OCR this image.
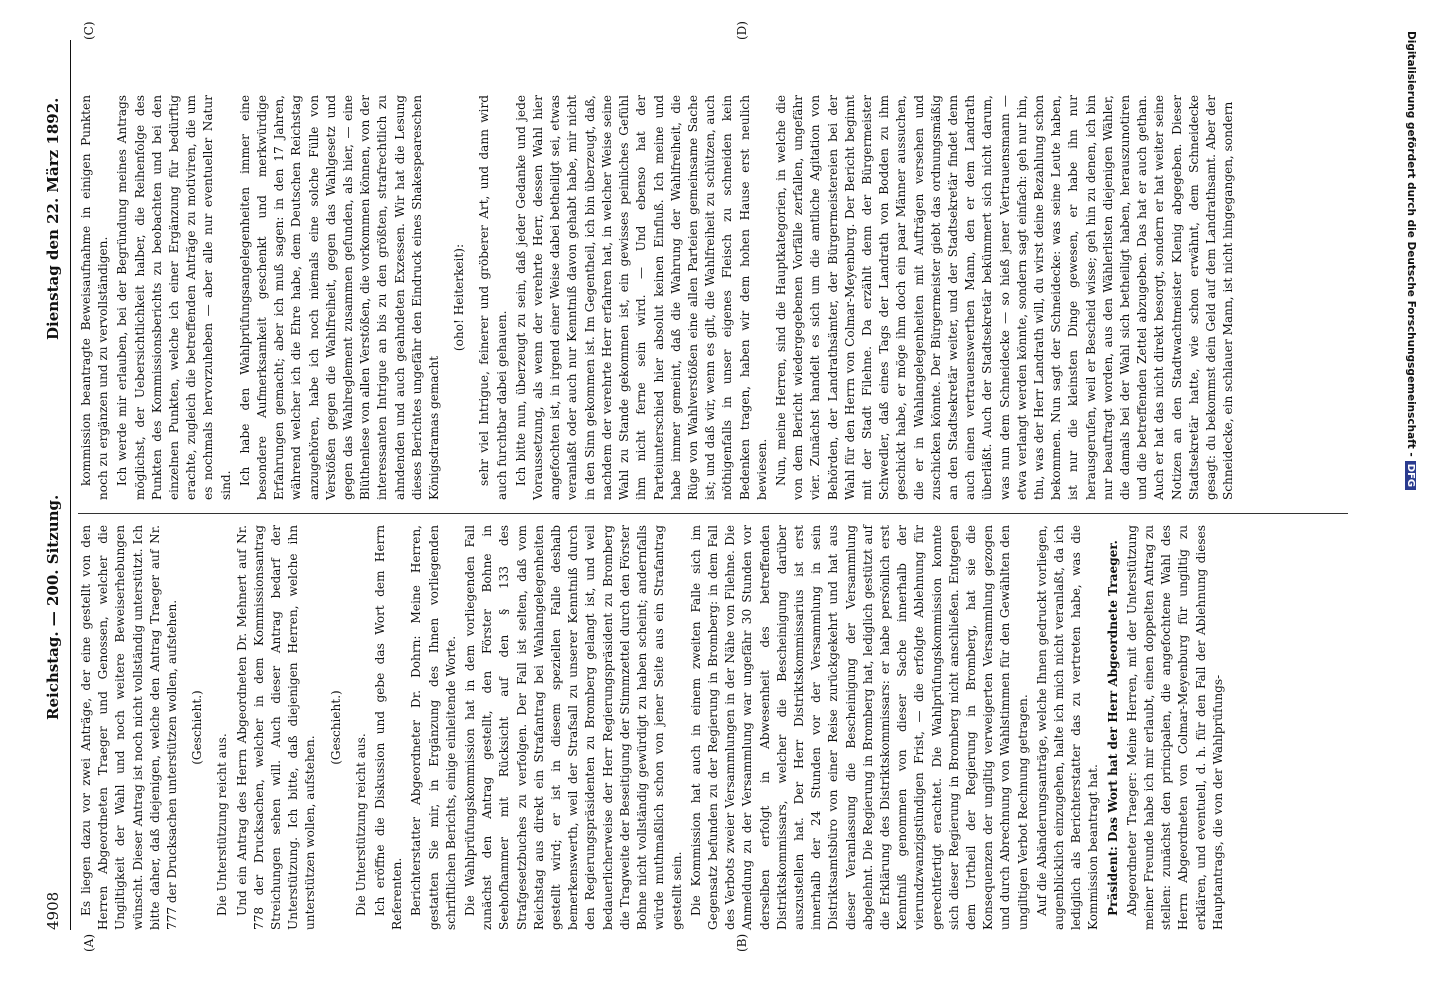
4908
Reichstag. — 200. Sitzung.
Dienstag den 22. März 1892.
(A)	(B)
(C)	(D)

Es liegen dazu vor zwei Anträge, der eine gestellt von den Herren Abgeordneten Traeger und Genossen, welcher die Ungiltigkeit der Wahl und noch weitere Beweiserhebungen wünscht. Dieser Antrag ist noch nicht vollständig unterstützt. Ich bitte daher, daß diejenigen, welche den Antrag Traeger auf Nr. 777 der Drucksachen unterstützen wollen, aufstehen. (Geschieht.)

Die Unterstützung reicht aus. Und ein Antrag des Herrn Abgeordneten Dr. Mehnert auf Nr. 778 der Drucksachen, welcher in dem Kommissionsantrag Streichungen sehen will. Auch dieser Antrag bedarf der Unterstützung. Ich bitte, daß diejenigen Herren, welche ihn unterstützen wollen, aufstehen.

(Geschieht.)

Die Unterstützung reicht aus. Ich eröffne die Diskussion und gebe das Wort dem Herrn Referenten. Berichterstatter Abgeordneter Dr. Dohrn: Meine Herren, gestatten Sie mir, in Ergänzung des Ihnen vorliegenden schriftlichen Berichts, einige einleitende Worte. Die Wahlprüfungskommission hat in dem vorliegenden Fall zunächst den Antrag gestellt, den Förster Bohne in Seehofhammer mit Rücksicht auf den § 133 des Strafgesetzbuches zu verfolgen. Der Fall ist selten, daß vom Reichstag aus direkt ein Strafantrag bei Wahlangelegenheiten gestellt wird; er ist in diesem speziellen Falle deshalb bemerkenswerth, weil der Strafsall zu unserer Kenntniß durch den Regierungspräsidenten zu Bromberg gelangt ist, und weil bedauerlicherweise der Herr Regierungspräsident zu Bromberg die Tragweite der Beseitigung der Stimmzettel durch den Förster Bohne nicht vollständig gewürdigt zu haben scheint; andernfalls würde muthmaßlich schon von jener Seite aus ein Strafantrag gestellt sein. Die Kommission hat auch in einem zweiten Falle sich im Gegensatz befunden zu der Regierung in Bromberg: in dem Fall des Verbots zweier Versammlungen in der Nähe von Filehne. Die Anmeldung zu der Versammlung war ungefähr 30 Stunden vor derselben erfolgt in Abwesenheit des betreffenden Distriktskommissars, welcher die Bescheinigung darüber auszustellen hat. Der Herr Distriktskommissarius ist erst innerhalb der 24 Stunden vor der Versammlung in sein Distriktsamtsbüro von einer Reise zurückgekehrt und hat aus dieser Veranlassung die Bescheinigung der Versammlung abgelehnt. Die Regierung in Bromberg hat, lediglich gestützt auf die Erklärung des Distriktskommissars: er habe persönlich erst Kenntniß genommen von dieser Sache innerhalb der vierundzwanzigstündigen Frist, — die erfolgte Ablehnung für gerechtfertigt erachtet. Die Wahlprüfungskommission konnte sich dieser Regierung in Bromberg nicht anschließen. Entgegen dem Urtheil der Regierung in Bromberg, hat sie die Konsequenzen der ungiltig verweigerten Versammlung gezogen und durch Abrechnung von Wahlstimmen für den Gewählten den ungiltigen Verbot Rechnung getragen. Auf die Abänderungsanträge, welche Ihnen gedruckt vorliegen, augenblicklich einzugehen, halte ich mich nicht veranlaßt, da ich lediglich als Berichterstatter das zu vertreten habe, was die Kommission beantragt hat. Präsident: Das Wort hat der Herr Abgeordnete Traeger. Abgeordneter Traeger: Meine Herren, mit der Unterstützung meiner Freunde habe ich mir erlaubt, einen doppelten Antrag zu stellen: zunächst den principalen, die angefochtene Wahl des Herrn Abgeordneten von Colmar-Meyenburg für ungiltig zu erklären, und eventuell, d. h. für den Fall der Ablehnung dieses Hauptantrags, die von der Wahlprüfungs-

kommission beantragte Beweisaufnahme in einigen Punkten noch zu ergänzen und zu vervollständigen. Ich werde mir erlauben, bei der Begründung meines Antrags möglichst, der Uebersichtlichkeit halber, die Reihenfolge des Punkten des Kommissionsberichts zu beobachten und bei den einzelnen Punkten, welche ich einer Ergänzung für bedürftig erachte, zugleich die betreffenden Anträge zu motiviren, die um es nochmals hervorzuheben — aber alle nur eventueller Natur sind. Ich habe den Wahlprüfungsangelegenheiten immer eine besondere Aufmerksamkeit geschenkt und merkwürdige Erfahrungen gemacht; aber ich muß sagen: in den 17 Jahren, während welcher ich die Ehre habe, dem Deutschen Reichstag anzugehören, habe ich noch niemals eine solche Fülle von Verstößen gegen die Wahlfreiheit, gegen das Wahlgesetz und gegen das Wahlreglement zusammen gefunden, als hier, — eine Blüthenlese von allen Verstößen, die vorkommen können, von der interessanten Intrigue an bis zu den größten, strafrechtlich zu ahndenden und auch geahndeten Exzessen. Wir hat die Lesung dieses Berichtes ungefähr den Eindruck eines Shakespeareschen Königsdramas gemacht

(oho! Heiterkeit): sehr viel Intrigue, feinerer und gröberer Art, und dann wird auch furchtbar dabei gehauen. Ich bitte nun, überzeugt zu sein, daß jeder Gedanke und jede Voraussetzung, als wenn der verehrte Herr, dessen Wahl hier angefochten ist, in irgend einer Weise dabei betheiligt sei, etwas veranlaßt oder auch nur Kenntniß davon gehabt habe, mir nicht in den Sinn gekommen ist. Im Gegentheil, ich bin überzeugt, daß, nachdem der verehrte Herr erfahren hat, in welcher Weise seine Wahl zu Stande gekommen ist, ein gewisses peinliches Gefühl ihm nicht ferne sein wird. — Und ebenso hat der Parteiunterschied hier absolut keinen Einfluß. Ich meine und habe immer gemeint, daß die Wahrung der Wahlfreiheit, die Rüge von Wahlverstößen eine allen Parteien gemeinsame Sache ist; und daß wir, wenn es gilt, die Wahlfreiheit zu schützen, auch nöthigenfalls in unser eigenes Fleisch zu schneiden kein Bedenken tragen, haben wir dem hohen Hause erst neulich bewiesen. Nun, meine Herren, sind die Hauptkategorien, in welche die von dem Bericht wiedergegebenen Vorfälle zerfallen, ungefähr vier. Zunächst handelt es sich um die amtliche Agitation von Behörden, der Landrathsämter, der Bürgermeistereien bei der Wahl für den Herrn von Colmar-Meyenburg. Der Bericht beginnt mit der Stadt Filehne. Da erzählt denn der Bürgermeister Schwedler, daß eines Tags der Landrath von Bodden zu ihm geschickt habe, er möge ihm doch ein paar Männer aussuchen, die er in Wahlangelegenheiten mit Aufträgen versehen und zuschicken könnte. Der Bürgermeister giebt das ordnungsmäßig an den Stadtsekretär weiter, und der Stadtsekretär findet denn auch einen vertrauenswerthen Mann, den er dem Landrath überläßt. Auch der Stadtsekretär bekümmert sich nicht darum, was nun dem Schneidecke — so hieß jener Vertrauensmann — etwa verlangt werden könnte, sondern sagt einfach: geh nur hin, thu, was der Herr Landrath will, du wirst deine Bezahlung schon bekommen. Nun sagt der Schneidecke: was seine Leute haben, ist nur die kleinsten Dinge gewesen, er habe ihn nur herausgerufen, weil er Bescheid wisse; geh hin zu denen, ich bin nur beauftragt worden, aus den Wählerlisten diejenigen Wähler, die damals bei der Wahl sich betheiligt haben, herauszunotiren und die betreffenden Zettel abzugeben. Das hat er auch gethan. Auch er hat das nicht direkt besorgt, sondern er hat weiter seine Notizen an den Stadtwachtmeister Klenig abgegeben. Dieser Stadtsekretär hatte, wie schon erwähnt, dem Schneidecke gesagt: du bekommst dein Geld auf dem Landrathsamt. Aber der Schneidecke, ein schlauer Mann, ist nicht hingegangen, sondern	Digitalisierung gefördert durch die Deutsche Forschungsgemeinschaft -DFG
